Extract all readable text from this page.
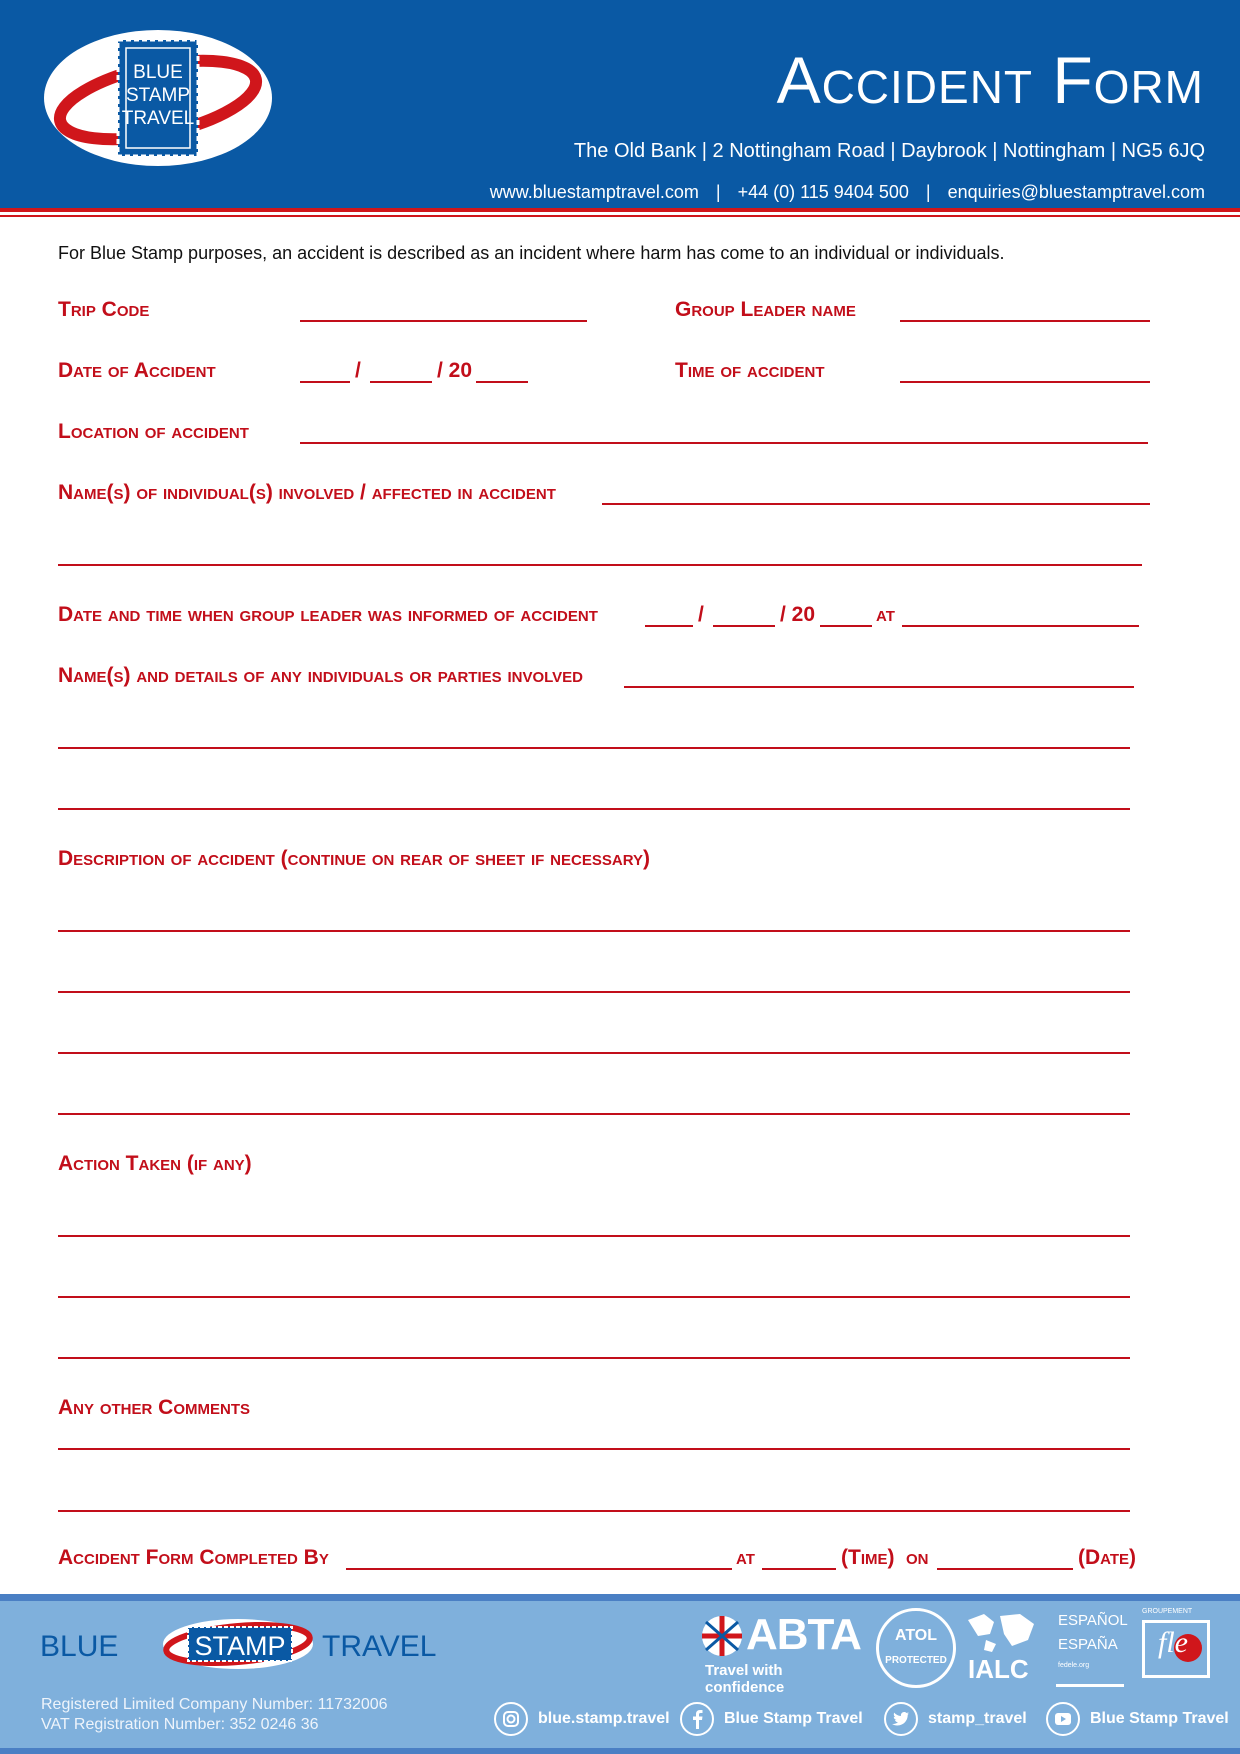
BLUE
STAMP
TRAVEL
Accident Form
The Old Bank | 2 Nottingham Road | Daybrook | Nottingham | NG5 6JQ
www.bluestamptravel.com | +44 (0) 115 9404 500 | enquiries@bluestamptravel.com
For Blue Stamp purposes, an accident is described as an incident where harm has come to an individual or individuals.
Trip Code	Group Leader name
Date of Accident	/	/ 20	Time of accident
Location of accident
Name(s) of individual(s) involved / affected in accident
Date and time when group leader was informed of accident	/	/ 20	at
Name(s) and details of any individuals or parties involved
Description of accident (continue on rear of sheet if necessary)
Action Taken (if any)
Any other Comments
Accident Form Completed By	at	(Time) on	(Date)
BLUE	STAMP TRAVEL
Registered Limited Company Number: 11732006
VAT Registration Number: 352 0246 36
ABTA
Travel with confidence
ATOL
PROTECTED IALC
ESPAÑOL
ESPAÑA
fedele.org
GROUPEMENT
fle
blue.stamp.travel	Blue Stamp Travel	stamp_travel	Blue Stamp Travel
